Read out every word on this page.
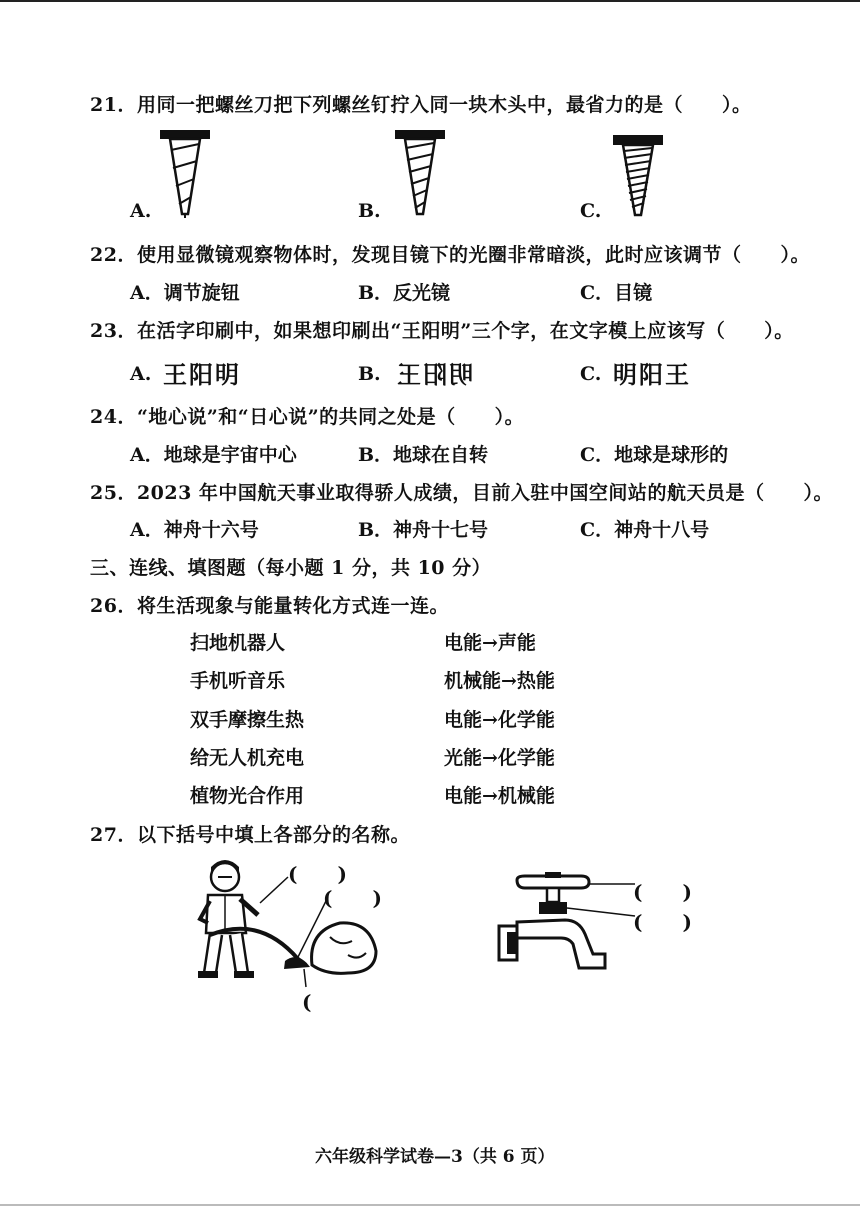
21．用同一把螺丝刀把下列螺丝钉拧入同一块木头中，最省力的是（　　）。
A.	B.	C.
22．使用显微镜观察物体时，发现目镜下的光圈非常暗淡，此时应该调节（　　）。
A．调节旋钮	B．反光镜	C．目镜
23．在活字印刷中，如果想印刷出“王阳明”三个字，在文字模上应该写（　　）。
A. 王阳明	B. 明阳王	C. 明阳王
24．“地心说”和“日心说”的共同之处是（　　）。
A．地球是宇宙中心	B．地球在自转	C．地球是球形的
25．2023 年中国航天事业取得骄人成绩，目前入驻中国空间站的航天员是（　　）。
A．神舟十六号	B．神舟十七号	C．神舟十八号
三、连线、填图题（每小题 1 分，共 10 分）
26．将生活现象与能量转化方式连一连。
扫地机器人
手机听音乐
双手摩擦生热
给无人机充电
植物光合作用
电能→声能
机械能→热能
电能→化学能
光能→化学能
电能→机械能
27．以下括号中填上各部分的名称。
(　　)
(　　)
(
(　　)
(　　)
六年级科学试卷—3（共 6 页）
